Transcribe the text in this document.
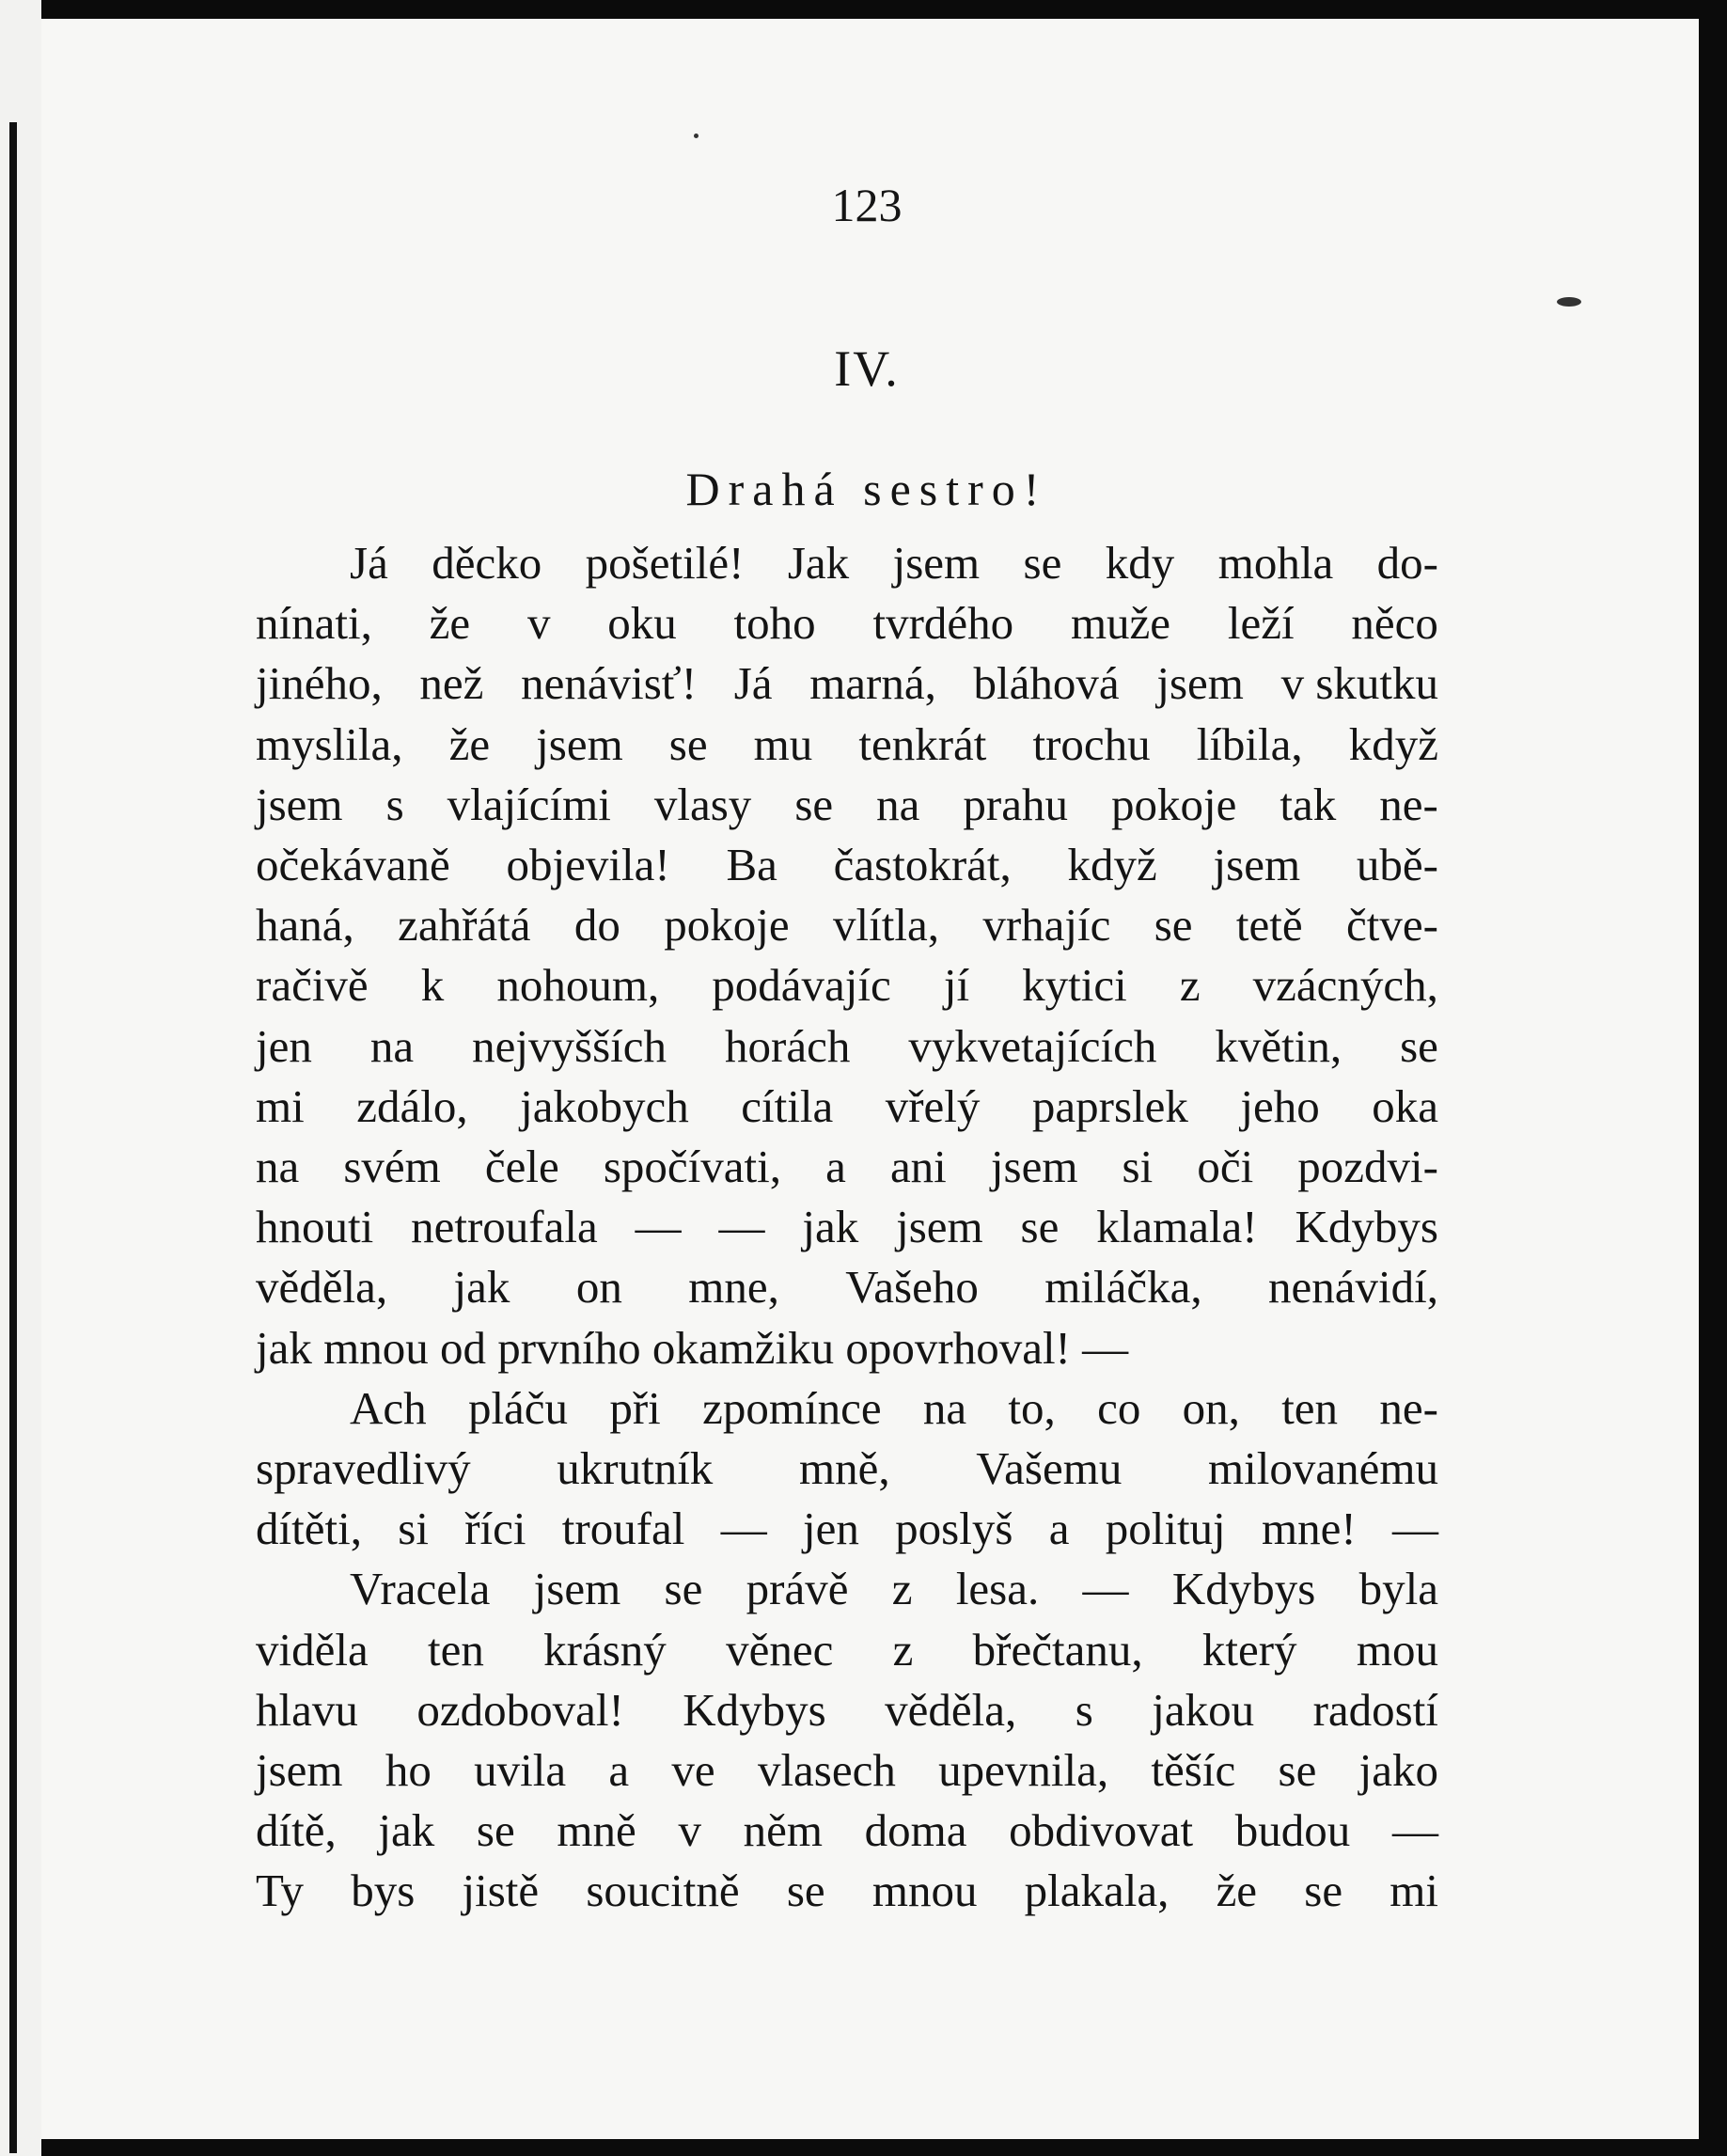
123

IV.

Drahá sestro!

Já děcko pošetilé! Jak jsem se kdy mohla do-
nínati, že v oku toho tvrdého muže leží něco
jiného, než nenávisť! Já marná, bláhová jsem v skutku
myslila, že jsem se mu tenkrát trochu líbila, když
jsem s vlajícími vlasy se na prahu pokoje tak ne-
očekávaně objevila! Ba častokrát, když jsem ubě-
haná, zahřátá do pokoje vlítla, vrhajíc se tetě čtve-
račivě k nohoum, podávajíc jí kytici z vzácných,
jen na nejvyšších horách vykvetajících květin, se
mi zdálo, jakobych cítila vřelý paprslek jeho oka
na svém čele spočívati, a ani jsem si oči pozdvi-
hnouti netroufala — — jak jsem se klamala! Kdybys
věděla, jak on mne, Vašeho miláčka, nenávidí,
jak mnou od prvního okamžiku opovrhoval! —
Ach pláču při zpomínce na to, co on, ten ne-
spravedlivý ukrutník mně, Vašemu milovanému
dítěti, si říci troufal — jen poslyš a polituj mne! —
Vracela jsem se právě z lesa. — Kdybys byla
viděla ten krásný věnec z břečtanu, který mou
hlavu ozdoboval! Kdybys věděla, s jakou radostí
jsem ho uvila a ve vlasech upevnila, těšíc se jako
dítě, jak se mně v něm doma obdivovat budou —
Ty bys jistě soucitně se mnou plakala, že se mi
